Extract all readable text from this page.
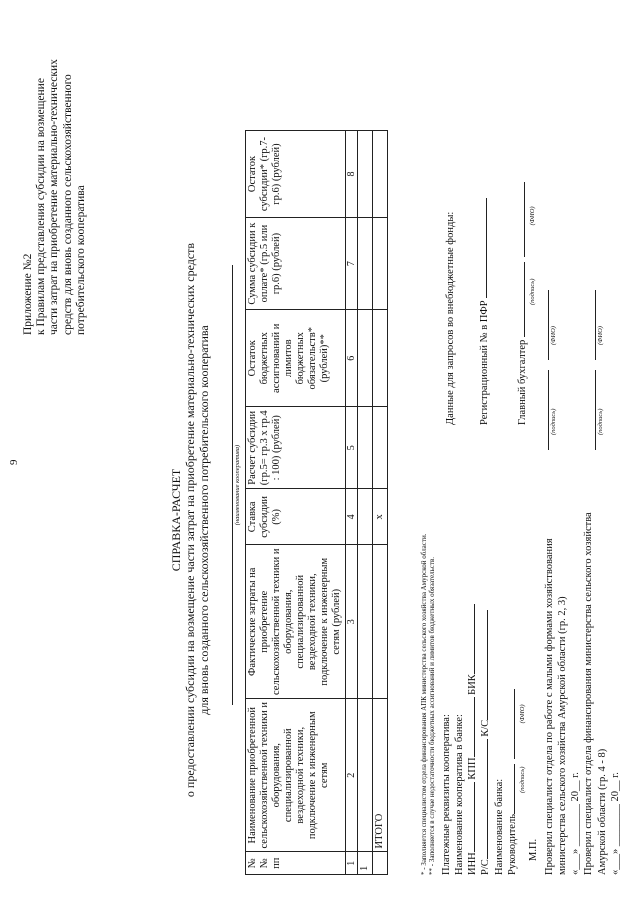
9
Приложение №2 к Правилам представления субсидии на возмещение части затрат на приобретение материально-технических средств для вновь созданного сельскохозяйственного потребительского кооператива
СПРАВКА-РАСЧЕТ о предоставлении субсидии на возмещение части затрат на приобретение материально-технических средств для вновь созданного сельскохозяйственного потребительского кооператива	(наименование кооператива)
№ № пп	Наименование приобретенной сельскохозяйственной техники и оборудования, специализированной вездеходной техники, подключение к инженерным сетям	Фактические затраты на приобретение сельскохозяйственной техники и оборудования, специализированной вездеходной техники, подключение к инженерным сетям (рублей)	Ставка субсидии (%)	Расчет субсидии (гр.5= гр.3 х гр.4 : 100) (рублей)	Остаток бюджетных ассигнований и лимитов бюджетных обязательств* (рублей)**	Сумма субсидии к оплате* (гр.5 или гр.6) (рублей)	Остаток субсидии* (гр.7-гр.6) (рублей)
1	2	3	4	5	6	7	8
1							
	ИТОГО		x				
* - Заполняется специалистом отдела финансирования АПК министерства сельского хозяйства Амурской области. ** - Заполняется в случае недостаточности бюджетных ассигнований и лимитов бюджетных обязательств. Платежные реквизиты кооператива: Наименование кооператива в банке: ИНН КПП БИК
Р/С К/С
Наименование банка: Руководитель
(подпись)  (ФИО)
М.П. Проверил специалист отдела по работе с малыми формами хозяйствования министерства сельского хозяйства Амурской области (гр. 2, 3) «___» ________ 20__ г. Проверил специалист отдела финансирования министерства сельского хозяйства Амурской области (гр. 4 - 8) «___» ________ 20__ г.
Данные для запросов во внебюджетные фонды: Регистрационный № в ПФР	Главный бухгалтер
(подпись)  (ФИО)
(подпись)
(ФИО)
(подпись)
(ФИО)
